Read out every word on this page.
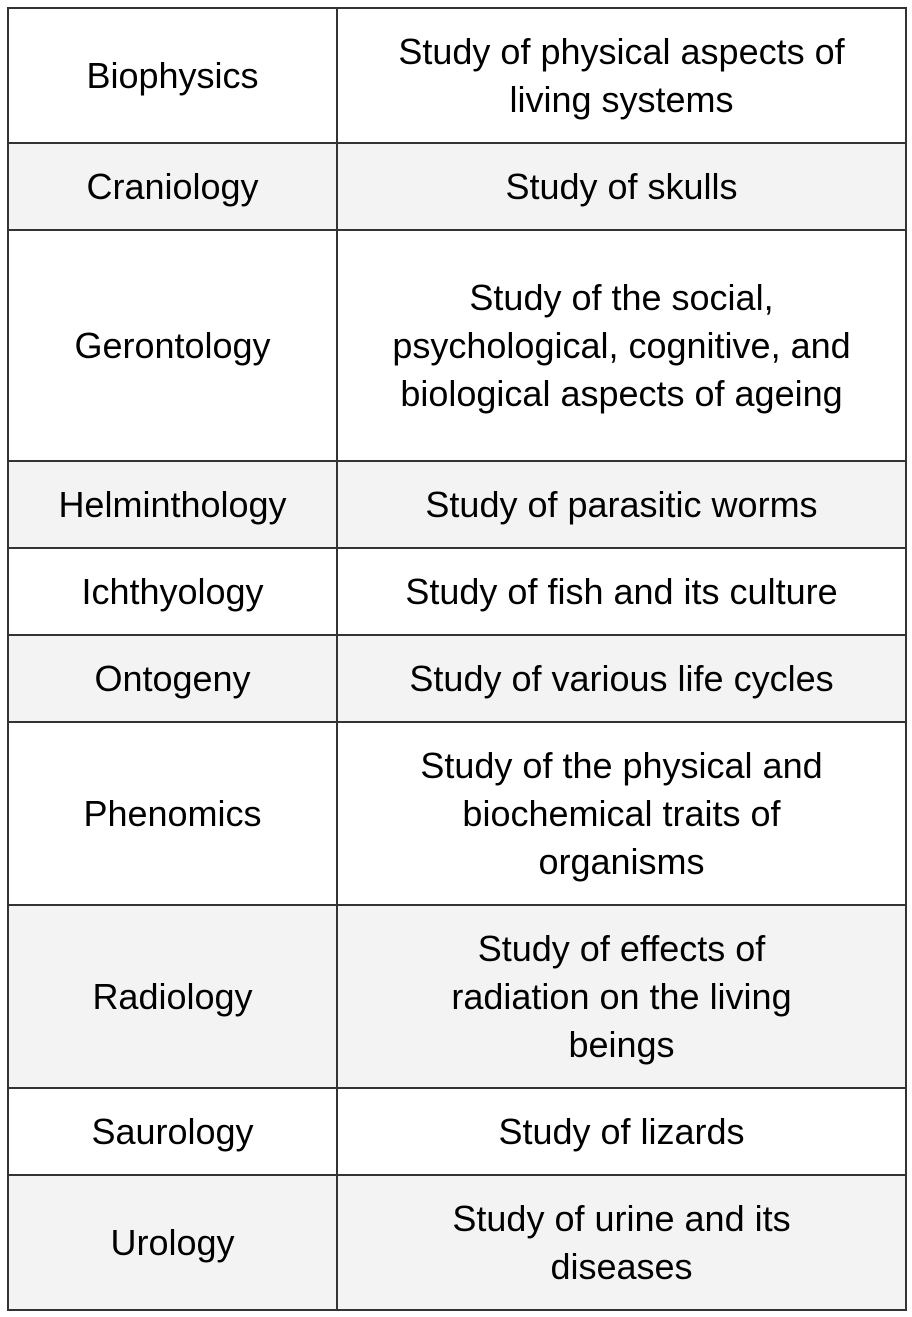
Biophysics	Study of physical aspects of living systems
Craniology	Study of skulls
Gerontology	Study of the social, psychological, cognitive, and biological aspects of ageing
Helminthology	Study of parasitic worms
Ichthyology	Study of fish and its culture
Ontogeny	Study of various life cycles
Phenomics	Study of the physical and biochemical traits of organisms
Radiology	Study of effects of radiation on the living beings
Saurology	Study of lizards
Urology	Study of urine and its diseases
